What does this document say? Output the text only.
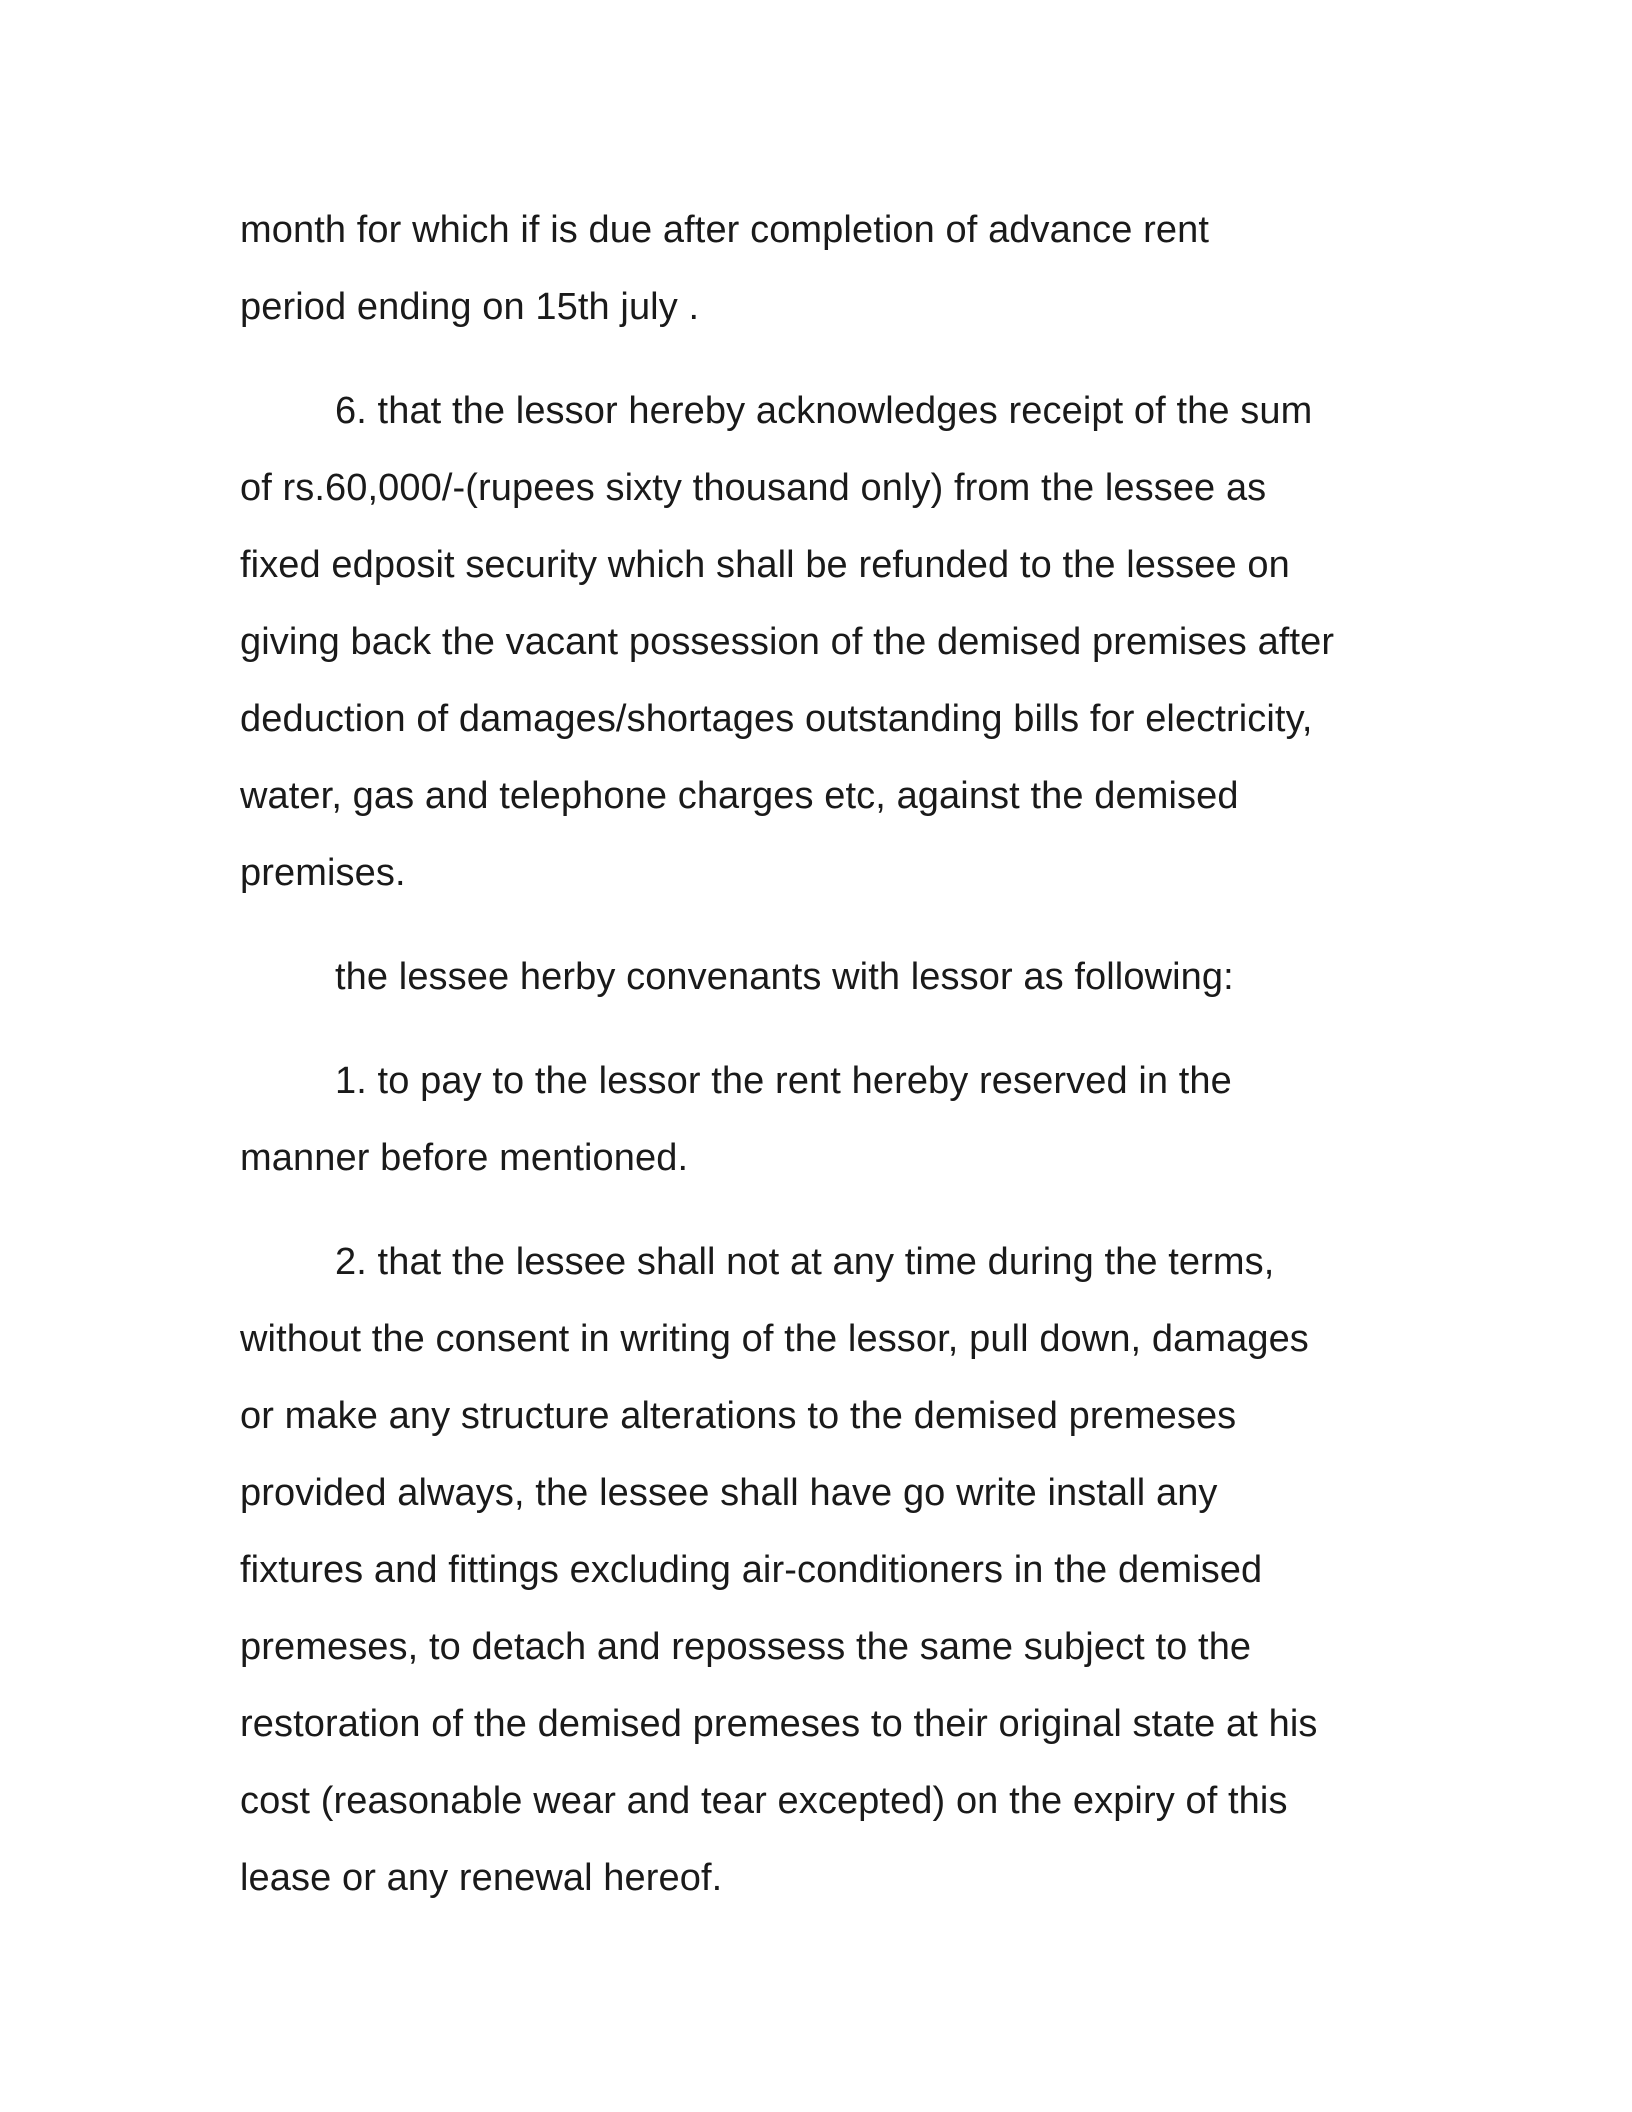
month for which if is due after completion of advance rent
period ending on 15th july .

6. that the lessor hereby acknowledges receipt of the sum
of rs.60,000/-(rupees sixty thousand only) from the lessee as
fixed edposit security which shall be refunded to the lessee on
giving back the vacant possession of the demised premises after
deduction of damages/shortages outstanding bills for electricity,
water, gas and telephone charges etc, against the demised
premises.

the lessee herby convenants with lessor as following:

1. to pay to the lessor the rent hereby reserved in the
manner before mentioned.

2. that the lessee shall not at any time during the terms,
without the consent in writing of the lessor, pull down, damages
or make any structure alterations to the demised premeses
provided always, the lessee shall have go write install any
fixtures and fittings excluding air-conditioners in the demised
premeses, to detach and repossess the same subject to the
restoration of the demised premeses to their original state at his
cost (reasonable wear and tear excepted) on the expiry of this
lease or any renewal hereof.
